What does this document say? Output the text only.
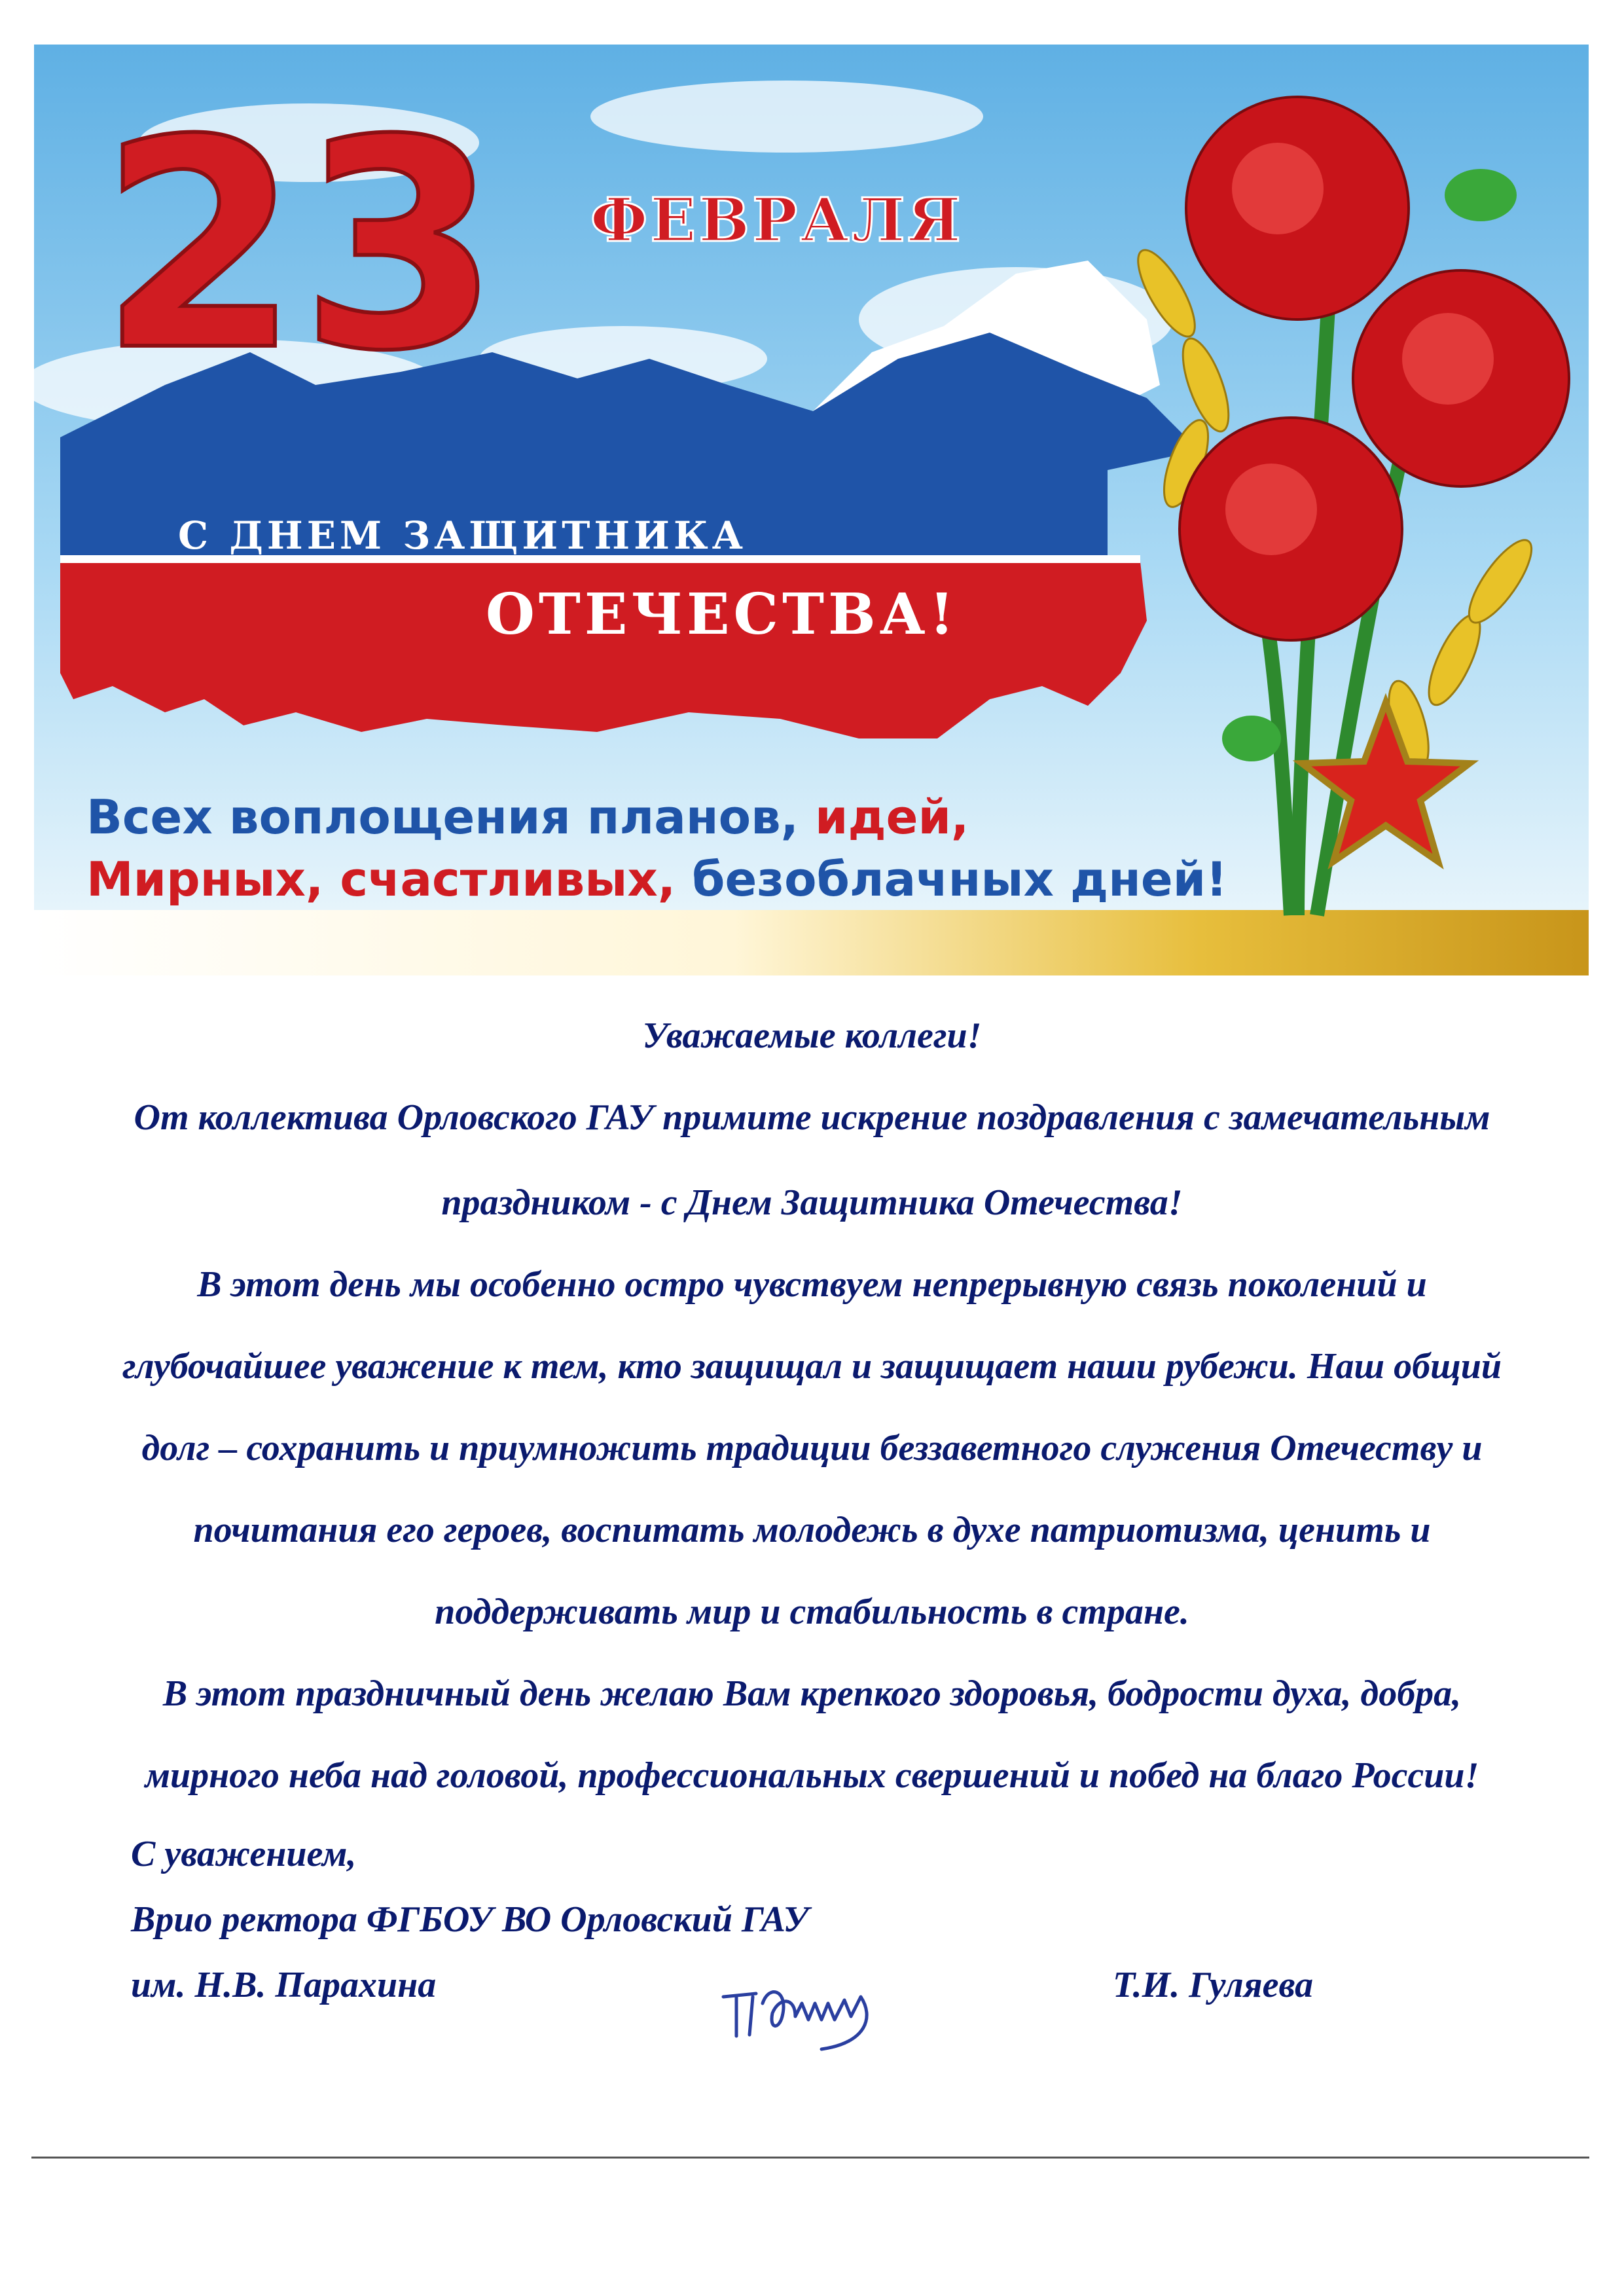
23 ФЕВРАЛЯ
С ДНЕМ ЗАЩИТНИКА
ОТЕЧЕСТВА!
Всех воплощения планов, идей,
Мирных, счастливых, безоблачных дней!
Уважаемые коллеги!
От коллектива Орловского ГАУ примите искрение поздравления с замечательным
праздником - с Днем Защитника Отечества!
В этот день мы особенно остро чувствуем непрерывную связь поколений и
глубочайшее уважение к тем, кто защищал и защищает наши рубежи. Наш общий
долг – сохранить и приумножить традиции беззаветного служения Отечеству и
почитания его героев, воспитать молодежь в духе патриотизма, ценить и
поддерживать мир и стабильность в стране.
В этот праздничный день желаю Вам крепкого здоровья, бодрости духа, добра,
мирного неба над головой, профессиональных свершений и побед на благо России!
С уважением,
Врио ректора ФГБОУ ВО Орловский ГАУ
им. Н.В. Парахина	Т.И. Гуляева
